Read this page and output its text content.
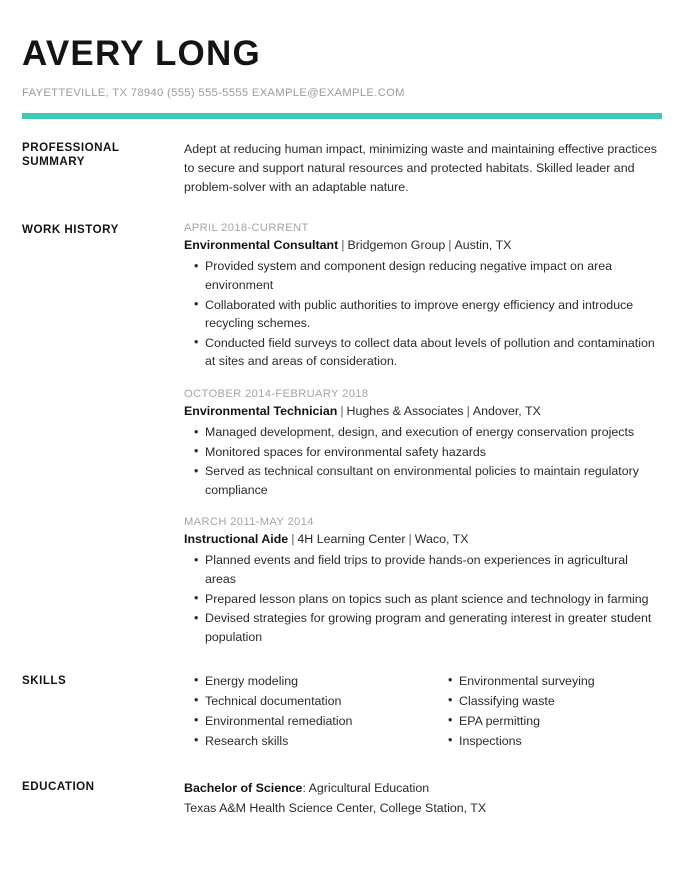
AVERY LONG

FAYETTEVILLE, TX 78940 (555) 555-5555 EXAMPLE@EXAMPLE.COM

PROFESSIONAL SUMMARY

Adept at reducing human impact, minimizing waste and maintaining effective practices to secure and support natural resources and protected habitats. Skilled leader and problem-solver with an adaptable nature.

WORK HISTORY	APRIL 2018-CURRENT

Environmental Consultant | Bridgemon Group | Austin, TX

• Provided system and component design reducing negative impact on area environment
• Collaborated with public authorities to improve energy efficiency and introduce recycling schemes.
• Conducted field surveys to collect data about levels of pollution and contamination at sites and areas of consideration.

OCTOBER 2014-FEBRUARY 2018

Environmental Technician | Hughes & Associates | Andover, TX

• Managed development, design, and execution of energy conservation projects
• Monitored spaces for environmental safety hazards
• Served as technical consultant on environmental policies to maintain regulatory compliance

MARCH 2011-MAY 2014

Instructional Aide | 4H Learning Center | Waco, TX

• Planned events and field trips to provide hands-on experiences in agricultural areas
• Prepared lesson plans on topics such as plant science and technology in farming
• Devised strategies for growing program and generating interest in greater student population
SKILLS	• Energy modeling
• Technical documentation
• Environmental remediation
• Research skills
• Environmental surveying
• Classifying waste
• EPA permitting
• Inspections
EDUCATION	Bachelor of Science: Agricultural Education

Texas A&M Health Science Center, College Station, TX
